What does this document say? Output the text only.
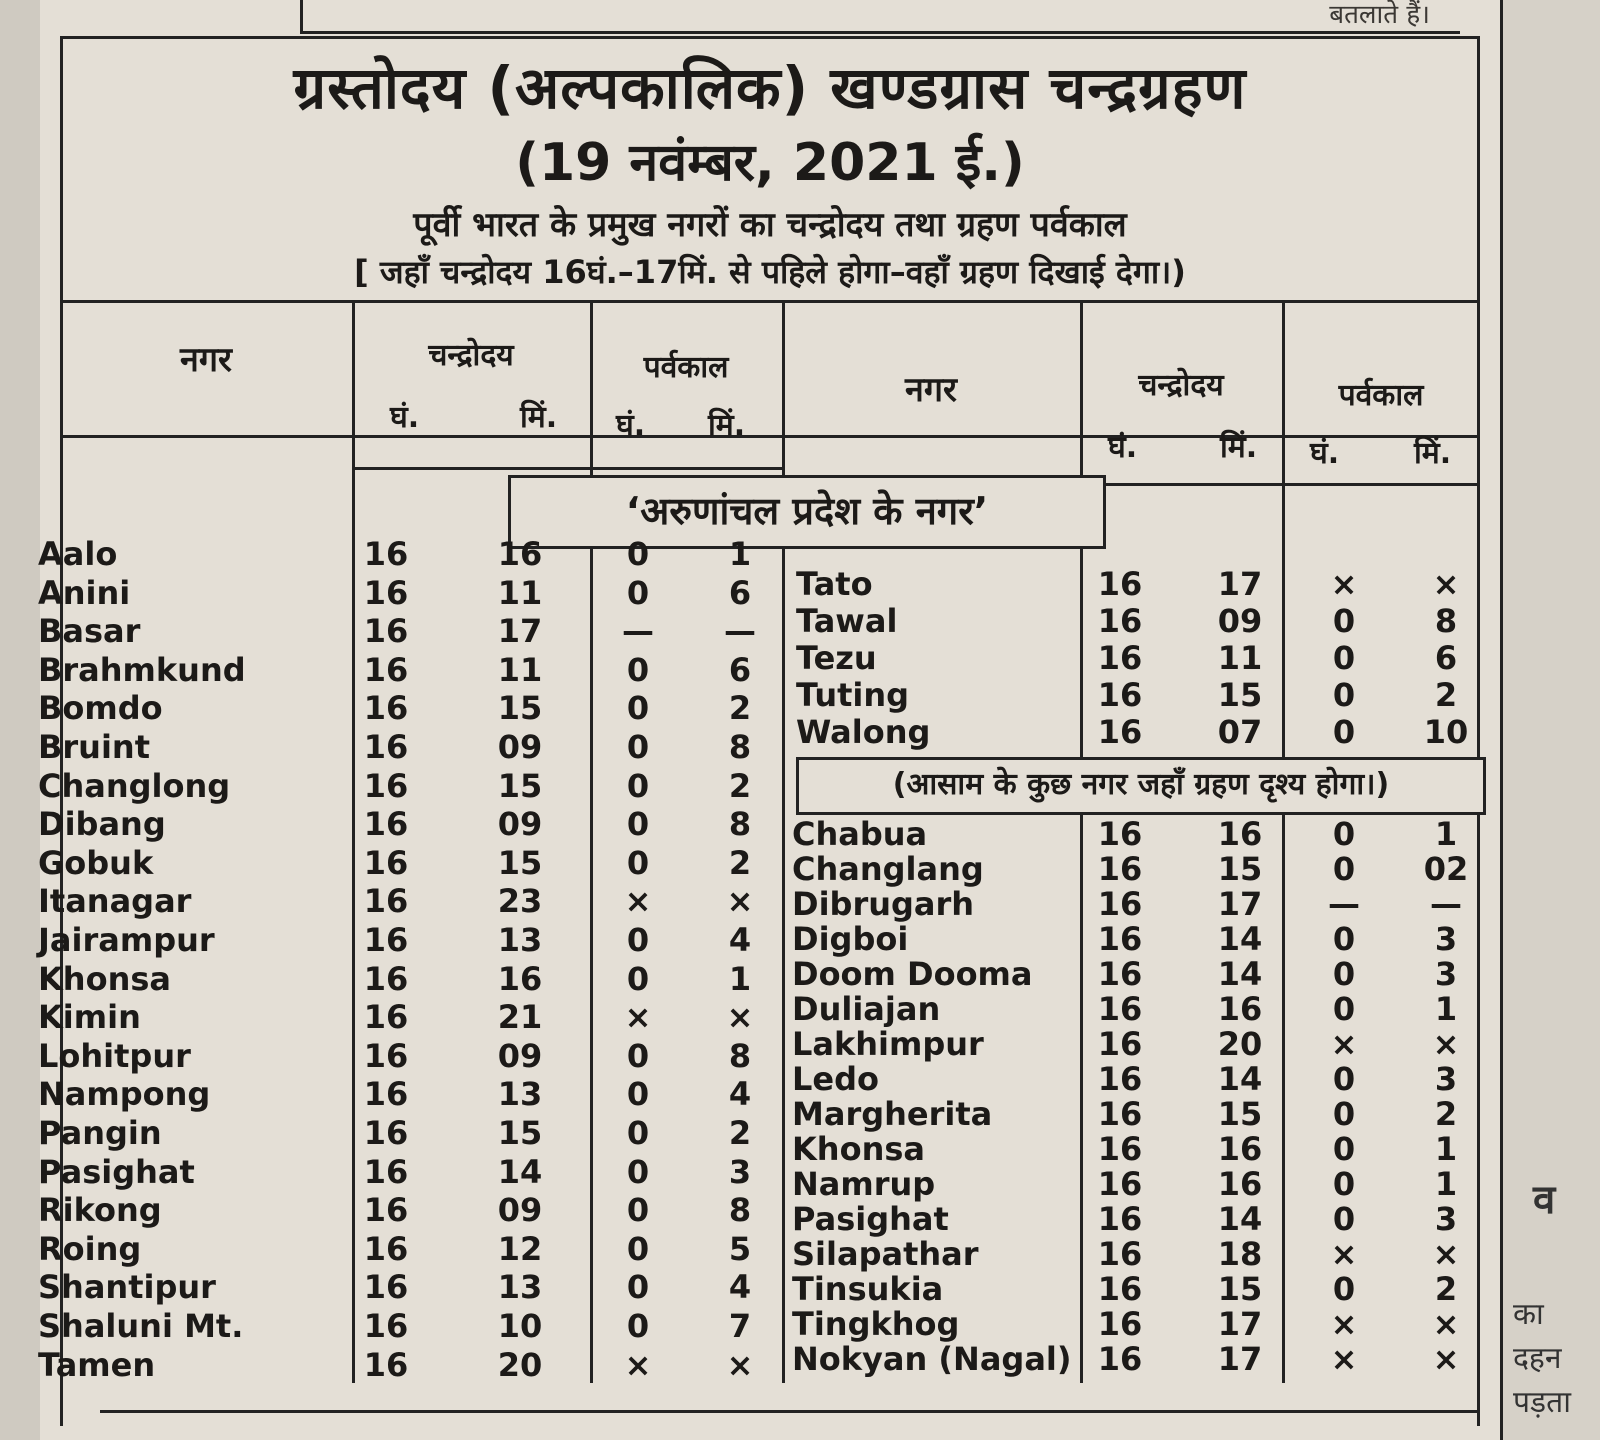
बतलाते हैं।
व
का
दहन
पड़ता
ग्रस्तोदय (अल्पकालिक) खण्डग्रास चन्द्रग्रहण
(19 नवंम्बर, 2021 ई.)
पूर्वी भारत के प्रमुख नगरों का चन्द्रोदय तथा ग्रहण पर्वकाल
[ जहाँ चन्द्रोदय 16घं.–17मिं. से पहिले होगा–वहाँ ग्रहण दिखाई देगा।)
नगर	चन्द्रोदय
घं.	मिं.
पर्वकाल
घं. मिं.
नगर	चन्द्रोदय
घं.	मिं.
पर्वकाल
घं. मिं.
‘अरुणांचल प्रदेश के नगर’
(आसाम के कुछ नगर जहाँ ग्रहण दृश्य होगा।)
Aalo	16	16	0	1
Anini	16	11	0	6
Basar	16	17	—	—
Brahmkund	16	11	0	6
Bomdo	16	15	0	2
Bruint	16	09	0	8
Changlong	16	15	0	2
Dibang	16	09	0	8
Gobuk	16	15	0	2
Itanagar	16	23	×	×
Jairampur	16	13	0	4
Khonsa	16	16	0	1
Kimin	16	21	×	×
Lohitpur	16	09	0	8
Nampong	16	13	0	4
Pangin	16	15	0	2
Pasighat	16	14	0	3
Rikong	16	09	0	8
Roing	16	12	0	5
Shantipur	16	13	0	4
Shaluni Mt.	16	10	0	7
Tamen	16	20	×	×
Tato	16 17	×	×
Tawal	16 09	0	8
Tezu	16 11	0	6
Tuting	16 15	0	2
Walong	16 07	0	10
Chabua	16 16	0	1
Changlang	16 15	0	02
Dibrugarh	16 17	—	—
Digboi	16 14	0	3
Doom Dooma 16 14	0	3
Duliajan	16 16	0	1
Lakhimpur	16 20	×	×
Ledo	16 14	0	3
Margherita	16 15	0	2
Khonsa	16 16	0	1
Namrup	16 16	0	1
Pasighat	16 14	0	3
Silapathar	16 18	×	×
Tinsukia	16 15	0	2
Tingkhog	16 17	×	×
Nokyan (Nagal) 16 17	×	×
